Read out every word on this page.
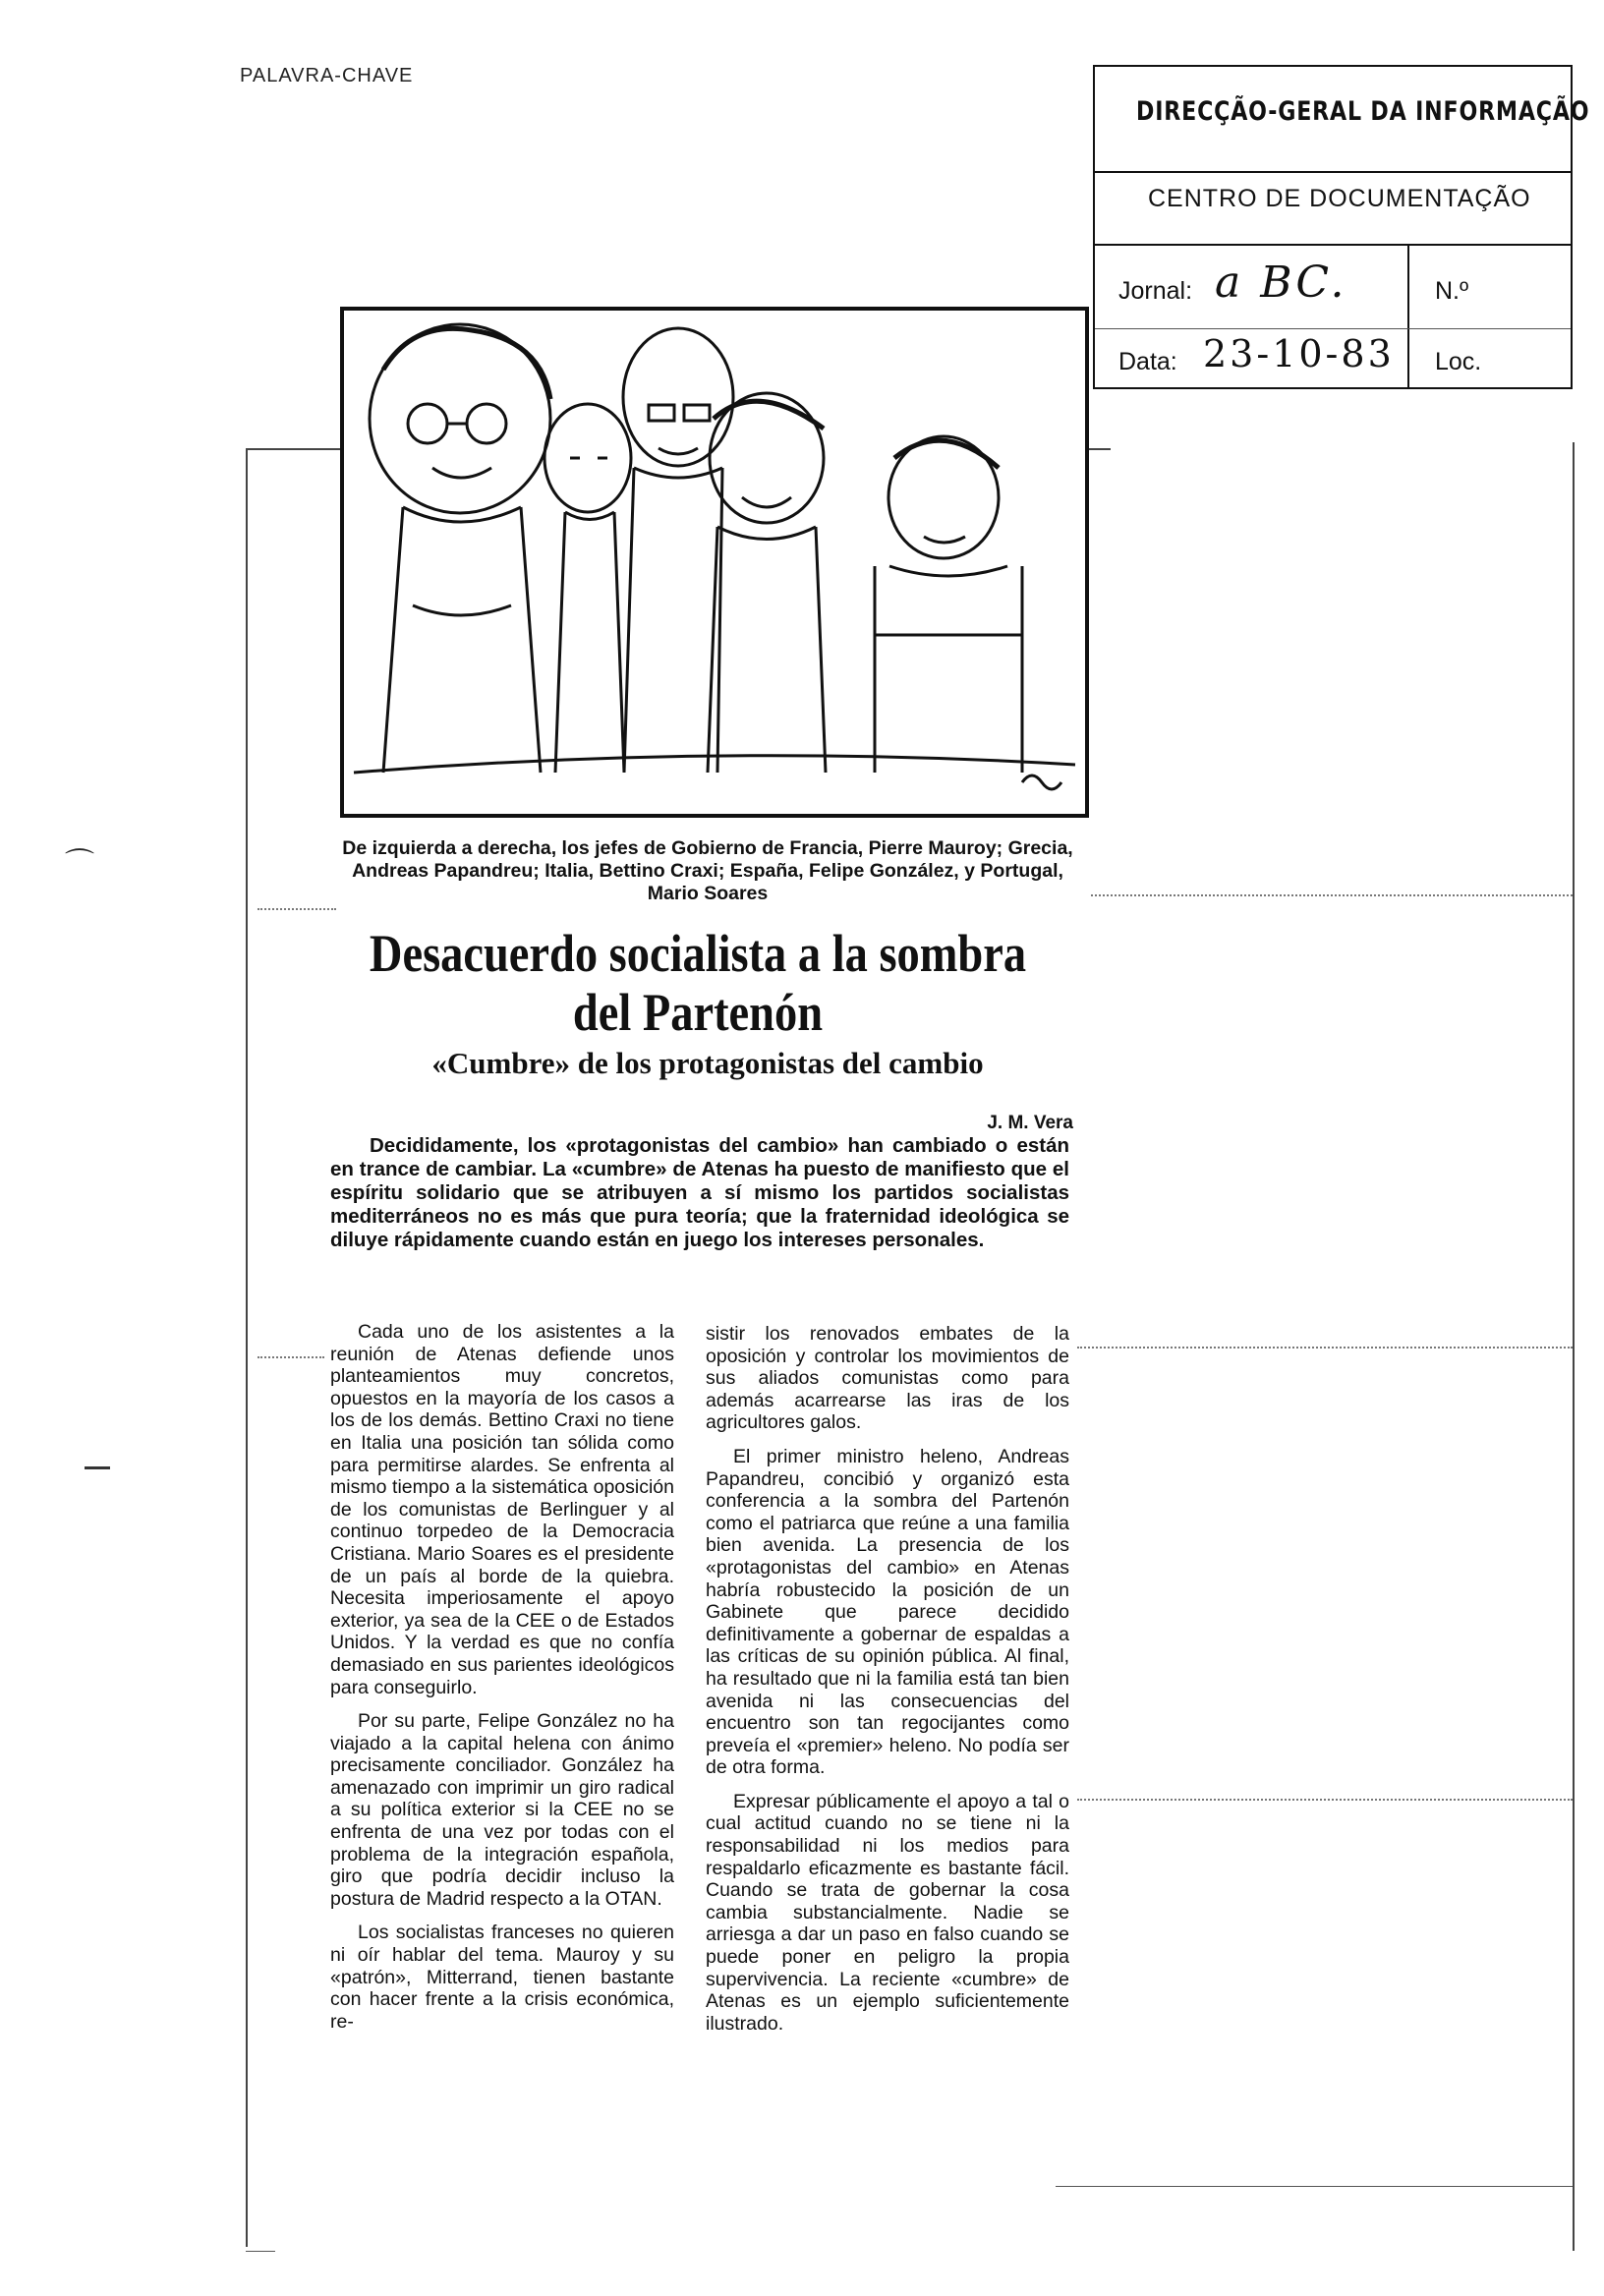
PALAVRA-CHAVE
DIRECÇÃO-GERAL DA INFORMAÇÃO
CENTRO DE DOCUMENTAÇÃO
Jornal: a BC.	N.º
Data: 23-10-83 Loc.
⌒	De izquierda a derecha, los jefes de Gobierno de Francia, Pierre Mauroy; Grecia, Andreas Papandreu; Italia, Bettino Craxi; España, Felipe González, y Portugal, Mario Soares
Desacuerdo socialista a la sombra del Partenón
«Cumbre» de los protagonistas del cambio
J. M. Vera
Decididamente, los «protagonistas del cambio» han cambiado o están en trance de cambiar. La «cumbre» de Atenas ha puesto de manifiesto que el espíritu solidario que se atribuyen a sí mismo los partidos socialistas mediterráneos no es más que pura teoría; que la fraternidad ideológica se diluye rápidamente cuando están en juego los intereses personales.

Cada uno de los asistentes a la reunión de Atenas defiende unos planteamientos muy concretos, opuestos en la mayoría de los casos a los de los demás. Bettino Craxi no tiene en Italia una posición tan sólida como para permitirse alardes. Se enfrenta al mismo tiempo a la sistemática oposición de los comunistas de Berlinguer y al continuo torpedeo de la Democracia Cristiana. Mario Soares es el presidente de un país al borde de la quiebra. Necesita imperiosamente el apoyo exterior, ya sea de la CEE o de Estados Unidos. Y la verdad es que no confía demasiado en sus parientes ideológicos para conseguirlo.

Por su parte, Felipe González no ha viajado a la capital helena con ánimo precisamente conciliador. González ha amenazado con imprimir un giro radical a su política exterior si la CEE no se enfrenta de una vez por todas con el problema de la integración española, giro que podría decidir incluso la postura de Madrid respecto a la OTAN.

Los socialistas franceses no quieren ni oír hablar del tema. Mauroy y su «patrón», Mitterrand, tienen bastante con hacer frente a la crisis económica, re-

sistir los renovados embates de la oposición y controlar los movimientos de sus aliados comunistas como para además acarrearse las iras de los agricultores galos.

El primer ministro heleno, Andreas Papandreu, concibió y organizó esta conferencia a la sombra del Partenón como el patriarca que reúne a una familia bien avenida. La presencia de los «protagonistas del cambio» en Atenas habría robustecido la posición de un Gabinete que parece decidido definitivamente a gobernar de espaldas a las críticas de su opinión pública. Al final, ha resultado que ni la familia está tan bien avenida ni las consecuencias del encuentro son tan regocijantes como preveía el «premier» heleno. No podía ser de otra forma.

Expresar públicamente el apoyo a tal o cual actitud cuando no se tiene ni la responsabilidad ni los medios para respaldarlo eficazmente es bastante fácil. Cuando se trata de gobernar la cosa cambia substancialmente. Nadie se arriesga a dar un paso en falso cuando se puede poner en peligro la propia supervivencia. La reciente «cumbre» de Atenas es un ejemplo suficientemente ilustrado.
